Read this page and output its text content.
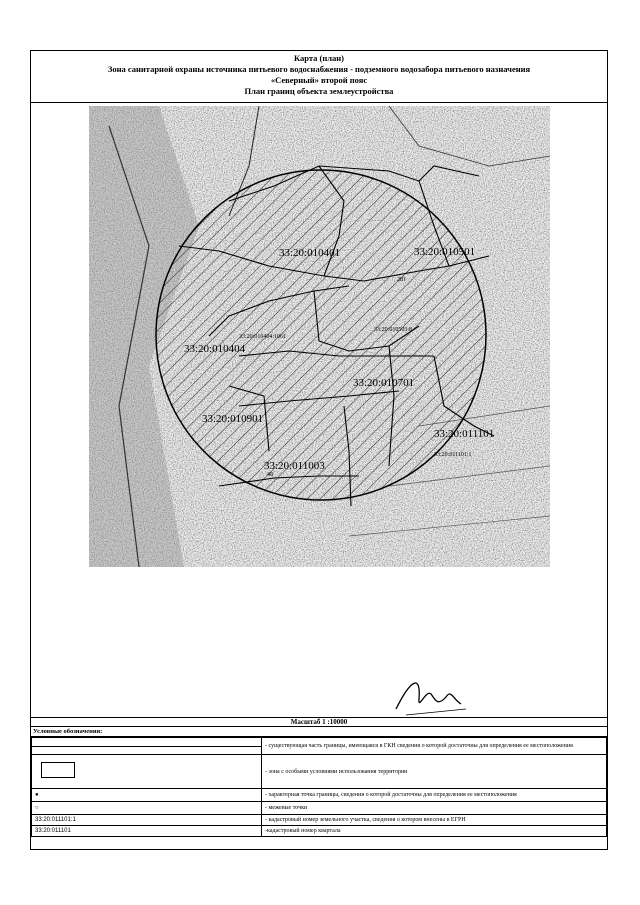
Карта (план)
Зона санитарной охраны источника питьевого водоснабжения - подземного водозабора питьевого назначения
«Северный» второй пояс
План границ объекта землеустройства
33:20:010401	33:20:010501
33:20:010404
33:20:010404:1061
33:20:010503:8
33:20:010701
33:20:010901
33:20:011003
33:20:011101
33:20:011101:1
281
48
Масштаб 1 :10000
Условные обозначения:
	- существующая часть границы, имеющаяся в ГКН сведения о которой достаточны для определения ее местоположения
	- зона с особыми условиями использования территории
●	- характерная точка границы, сведения о которой достаточны для определения ее местоположения
○	- межевые точки
33:20:011101:1	- кадастровый номер земельного участка, сведения о котором внесены в ЕГРН
33:20:011101	-кадастровый номер квартала
